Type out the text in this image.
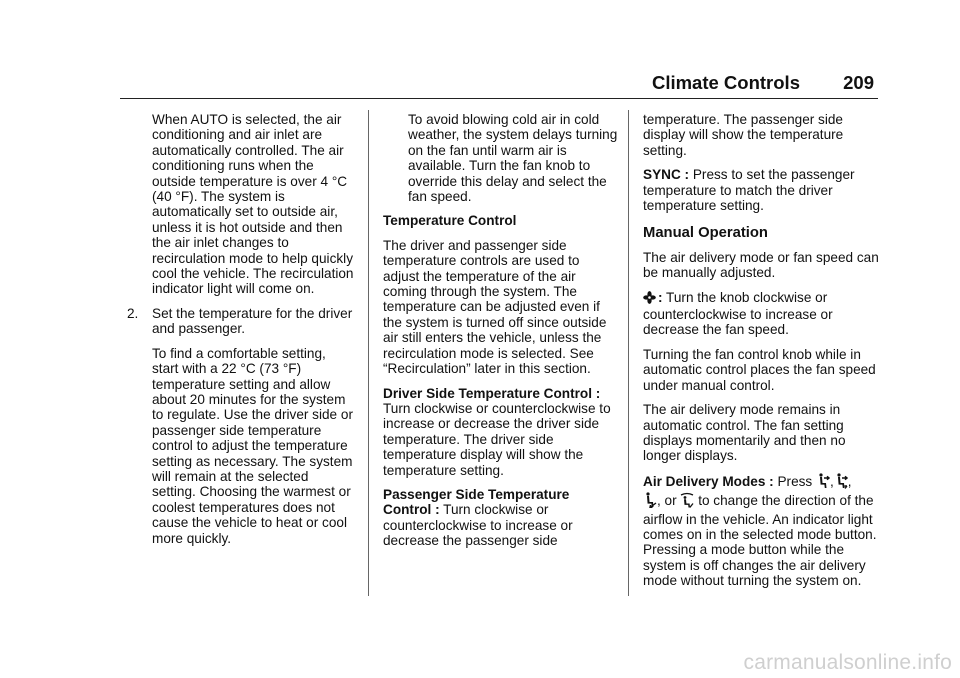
Climate Controls 209

When AUTO is selected, the air conditioning and air inlet are automatically controlled. The air conditioning runs when the outside temperature is over 4 °C (40 °F). The system is automatically set to outside air, unless it is hot outside and then the air inlet changes to recirculation mode to help quickly cool the vehicle. The recirculation indicator light will come on.

2. Set the temperature for the driver and passenger.

To find a comfortable setting, start with a 22 °C (73 °F) temperature setting and allow about 20 minutes for the system to regulate. Use the driver side or passenger side temperature control to adjust the temperature setting as necessary. The system will remain at the selected setting. Choosing the warmest or coolest temperatures does not cause the vehicle to heat or cool more quickly.

To avoid blowing cold air in cold weather, the system delays turning on the fan until warm air is available. Turn the fan knob to override this delay and select the fan speed.

Temperature Control

The driver and passenger side temperature controls are used to adjust the temperature of the air coming through the system. The temperature can be adjusted even if the system is turned off since outside air still enters the vehicle, unless the recirculation mode is selected. See “Recirculation” later in this section.

Driver Side Temperature Control : Turn clockwise or counterclockwise to increase or decrease the driver side temperature. The driver side temperature display will show the temperature setting.

Passenger Side Temperature Control : Turn clockwise or counterclockwise to increase or decrease the passenger side

temperature. The passenger side display will show the temperature setting.

SYNC : Press to set the passenger temperature to match the driver temperature setting.

Manual Operation

The air delivery mode or fan speed can be manually adjusted.

: Turn the knob clockwise or counterclockwise to increase or decrease the fan speed.

Turning the fan control knob while in automatic control places the fan speed under manual control.

The air delivery mode remains in automatic control. The fan setting displays momentarily and then no longer displays.

Air Delivery Modes : Press , ,
, or  to change the direction of the airflow in the vehicle. An indicator light comes on in the selected mode button. Pressing a mode button while the system is off changes the air delivery mode without turning the system on.

carmanualsonline.info
